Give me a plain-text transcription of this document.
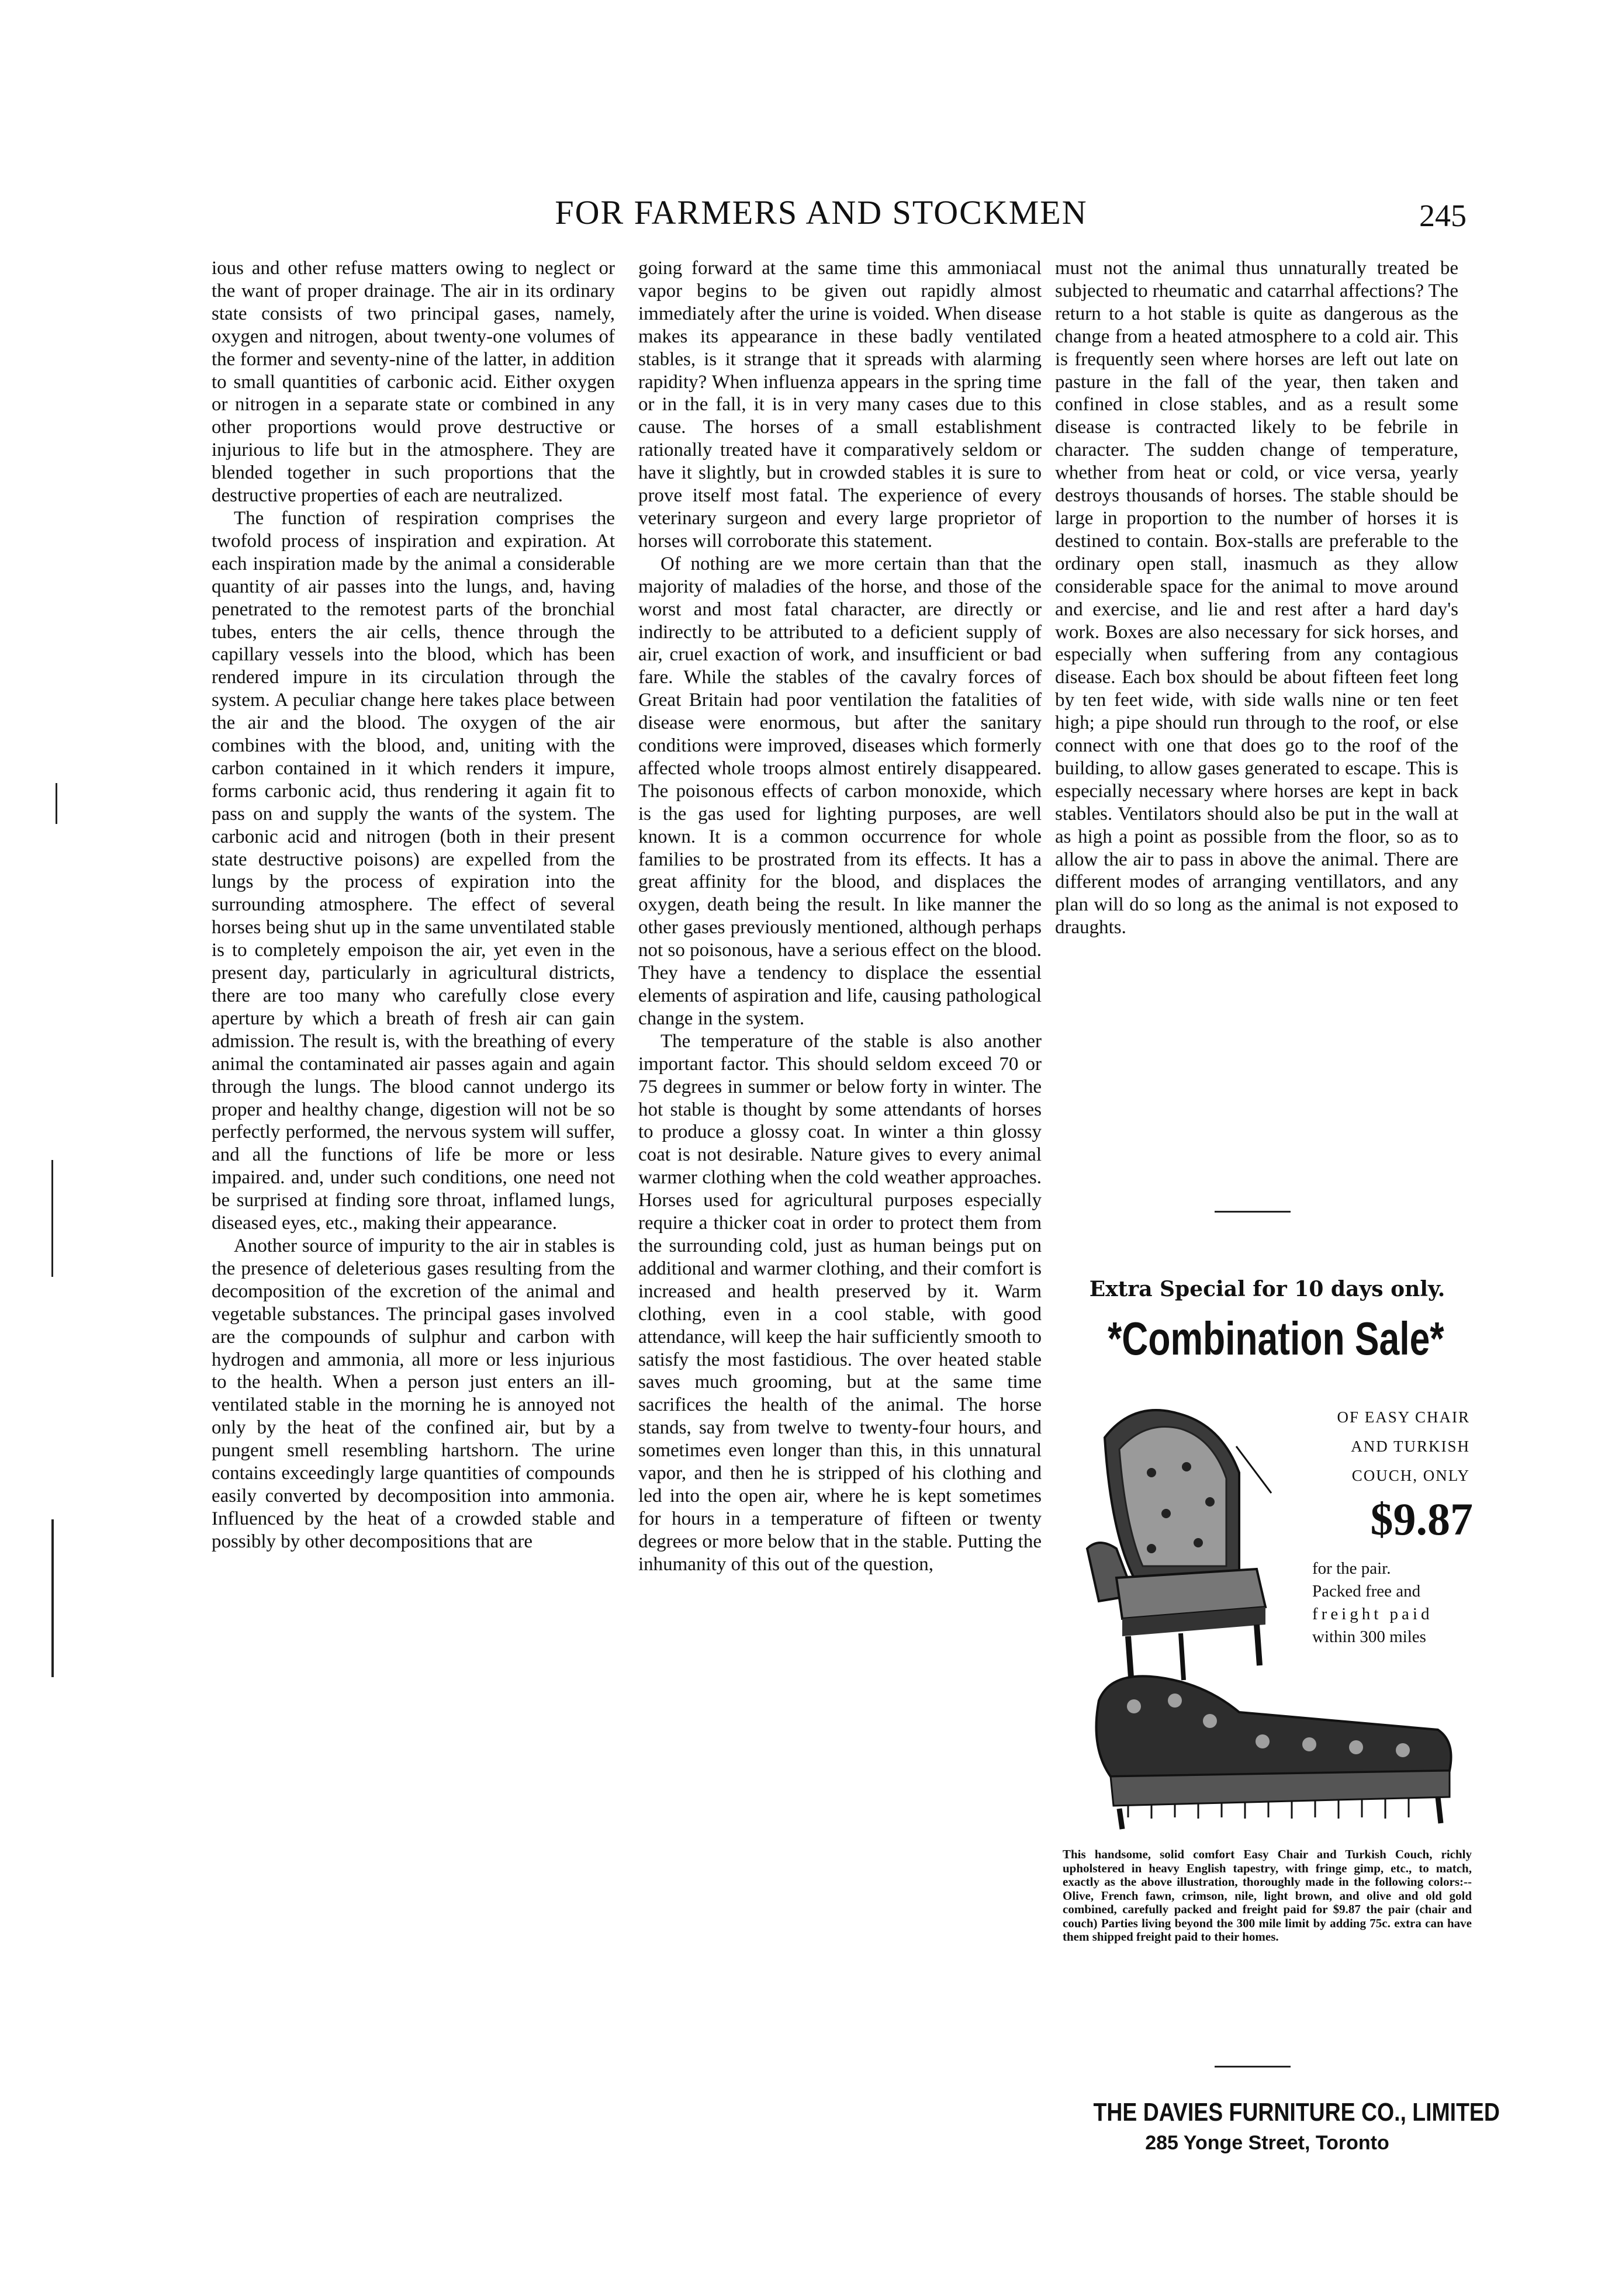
FOR FARMERS AND STOCKMEN	245

ious and other refuse matters owing to neglect or the want of proper drainage. The air in its ordinary state consists of two principal gases, namely, oxygen and nitrogen, about twenty-one volumes of the former and seventy-nine of the latter, in addition to small quantities of carbonic acid. Either oxygen or nitrogen in a separate state or combined in any other proportions would prove destructive or injurious to life but in the atmosphere. They are blended together in such proportions that the destructive properties of each are neutralized.

The function of respiration comprises the twofold process of inspiration and expiration. At each inspiration made by the animal a considerable quantity of air passes into the lungs, and, having penetrated to the remotest parts of the bronchial tubes, enters the air cells, thence through the capillary vessels into the blood, which has been rendered impure in its circulation through the system. A peculiar change here takes place between the air and the blood. The oxygen of the air combines with the blood, and, uniting with the carbon contained in it which renders it impure, forms carbonic acid, thus rendering it again fit to pass on and supply the wants of the system. The carbonic acid and nitrogen (both in their present state destructive poisons) are expelled from the lungs by the process of expiration into the surrounding atmosphere. The effect of several horses being shut up in the same unventilated stable is to completely empoison the air, yet even in the present day, particularly in agricultural districts, there are too many who carefully close every aperture by which a breath of fresh air can gain admission. The result is, with the breathing of every animal the contaminated air passes again and again through the lungs. The blood cannot undergo its proper and healthy change, digestion will not be so perfectly performed, the nervous system will suffer, and all the functions of life be more or less impaired. and, under such conditions, one need not be surprised at finding sore throat, inflamed lungs, diseased eyes, etc., making their appearance.

Another source of impurity to the air in stables is the presence of deleterious gases resulting from the decomposition of the excretion of the animal and vegetable substances. The principal gases involved are the compounds of sulphur and carbon with hydrogen and ammonia, all more or less injurious to the health. When a person just enters an ill-ventilated stable in the morning he is annoyed not only by the heat of the confined air, but by a pungent smell resembling hartshorn. The urine contains exceedingly large quantities of compounds easily converted by decomposition into ammonia. Influenced by the heat of a crowded stable and possibly by other decompositions that are

going forward at the same time this ammoniacal vapor begins to be given out rapidly almost immediately after the urine is voided. When disease makes its appearance in these badly ventilated stables, is it strange that it spreads with alarming rapidity? When influenza appears in the spring time or in the fall, it is in very many cases due to this cause. The horses of a small establishment rationally treated have it comparatively seldom or have it slightly, but in crowded stables it is sure to prove itself most fatal. The experience of every veterinary surgeon and every large proprietor of horses will corroborate this statement.

Of nothing are we more certain than that the majority of maladies of the horse, and those of the worst and most fatal character, are directly or indirectly to be attributed to a deficient supply of air, cruel exaction of work, and insufficient or bad fare. While the stables of the cavalry forces of Great Britain had poor ventilation the fatalities of disease were enormous, but after the sanitary conditions were improved, diseases which formerly affected whole troops almost entirely disappeared. The poisonous effects of carbon monoxide, which is the gas used for lighting purposes, are well known. It is a common occurrence for whole families to be prostrated from its effects. It has a great affinity for the blood, and displaces the oxygen, death being the result. In like manner the other gases previously mentioned, although perhaps not so poisonous, have a serious effect on the blood. They have a tendency to displace the essential elements of aspiration and life, causing pathological change in the system.

The temperature of the stable is also another important factor. This should seldom exceed 70 or 75 degrees in summer or below forty in winter. The hot stable is thought by some attendants of horses to produce a glossy coat. In winter a thin glossy coat is not desirable. Nature gives to every animal warmer clothing when the cold weather approaches. Horses used for agricultural purposes especially require a thicker coat in order to protect them from the surrounding cold, just as human beings put on additional and warmer clothing, and their comfort is increased and health preserved by it. Warm clothing, even in a cool stable, with good attendance, will keep the hair sufficiently smooth to satisfy the most fastidious. The over heated stable saves much grooming, but at the same time sacrifices the health of the animal. The horse stands, say from twelve to twenty-four hours, and sometimes even longer than this, in this unnatural vapor, and then he is stripped of his clothing and led into the open air, where he is kept sometimes for hours in a temperature of fifteen or twenty degrees or more below that in the stable. Putting the inhumanity of this out of the question,

must not the animal thus unnaturally treated be subjected to rheumatic and catarrhal affections? The return to a hot stable is quite as dangerous as the change from a heated atmosphere to a cold air. This is frequently seen where horses are left out late on pasture in the fall of the year, then taken and confined in close stables, and as a result some disease is contracted likely to be febrile in character. The sudden change of temperature, whether from heat or cold, or vice versa, yearly destroys thousands of horses. The stable should be large in proportion to the number of horses it is destined to contain. Box-stalls are preferable to the ordinary open stall, inasmuch as they allow considerable space for the animal to move around and exercise, and lie and rest after a hard day's work. Boxes are also necessary for sick horses, and especially when suffering from any contagious disease. Each box should be about fifteen feet long by ten feet wide, with side walls nine or ten feet high; a pipe should run through to the roof, or else connect with one that does go to the roof of the building, to allow gases generated to escape. This is especially necessary where horses are kept in back stables. Ventilators should also be put in the wall at as high a point as possible from the floor, so as to allow the air to pass in above the animal. There are different modes of arranging ventillators, and any plan will do so long as the animal is not exposed to draughts.

Extra Special for 10 days only.
*Combination Sale*
OF EASY CHAIR
AND TURKISH
COUCH, ONLY
$9.87
for the pair.
Packed free and
freight paid
within 300 miles
This handsome, solid comfort Easy Chair and Turkish Couch, richly upholstered in heavy English tapestry, with fringe gimp, etc., to match, exactly as the above illustration, thoroughly made in the following colors:--Olive, French fawn, crimson, nile, light brown, and olive and old gold combined, carefully packed and freight paid for $9.87 the pair (chair and couch) Parties living beyond the 300 mile limit by adding 75c. extra can have them shipped freight paid to their homes.
THE DAVIES FURNITURE CO., LIMITED
285 Yonge Street, Toronto
